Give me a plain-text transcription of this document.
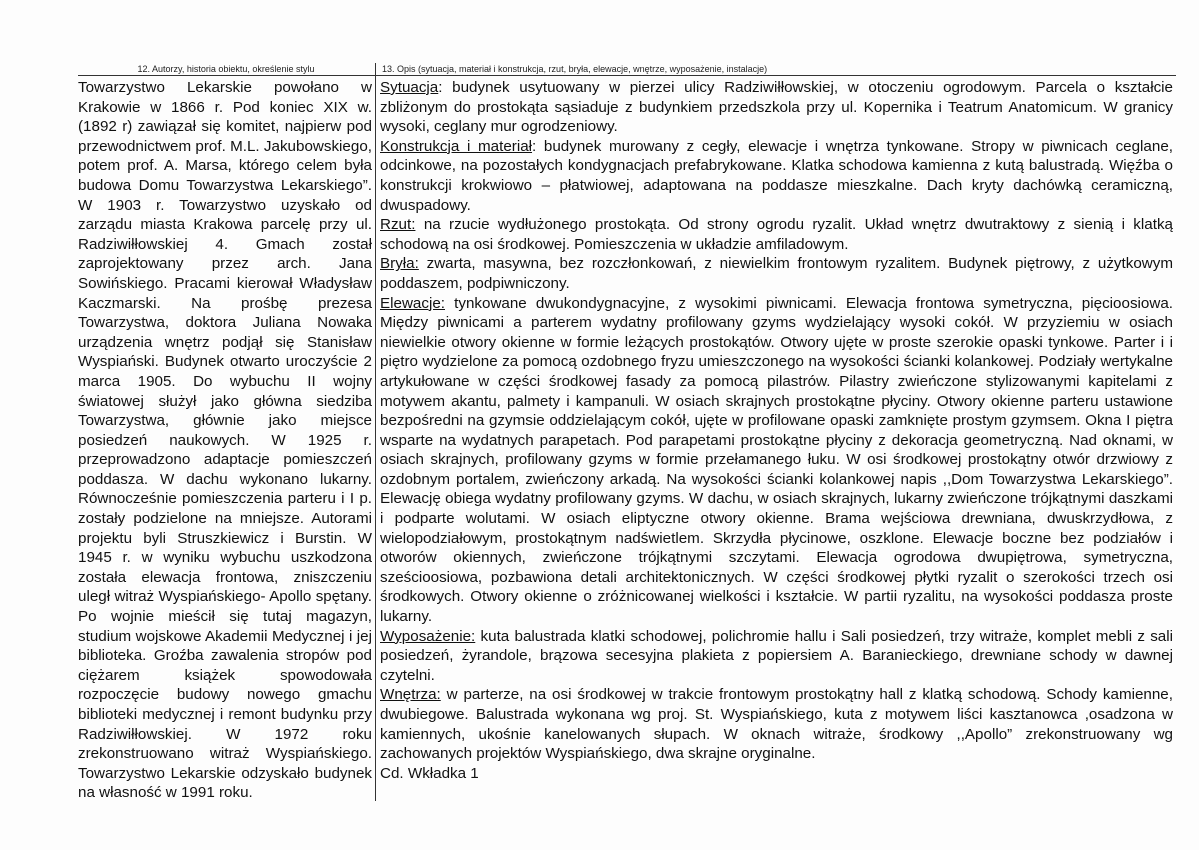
12. Autorzy, historia obiektu, określenie stylu	13. Opis (sytuacja, materiał i konstrukcja, rzut, bryła, elewacje, wnętrze, wyposażenie, instalacje)

Towarzystwo Lekarskie powołano w Krakowie w 1866 r. Pod koniec XIX w. (1892 r) zawiązał się komitet, najpierw pod przewodnictwem prof. M.L. Jakubowskiego, potem prof. A. Marsa, którego celem była budowa Domu Towarzystwa Lekarskiego”. W 1903 r. Towarzystwo uzyskało od zarządu miasta Krakowa parcelę przy ul. Radziwiłłowskiej 4. Gmach został zaprojektowany przez arch. Jana Sowińskiego. Pracami kierował Władysław Kaczmarski. Na prośbę prezesa Towarzystwa, doktora Juliana Nowaka urządzenia wnętrz podjął się Stanisław Wyspiański. Budynek otwarto uroczyście 2 marca 1905. Do wybuchu II wojny światowej służył jako główna siedziba Towarzystwa, głównie jako miejsce posiedzeń naukowych. W 1925 r. przeprowadzono adaptacje pomieszczeń poddasza. W dachu wykonano lukarny. Równocześnie pomieszczenia parteru i I p. zostały podzielone na mniejsze. Autorami projektu byli Struszkiewicz i Burstin. W 1945 r. w wyniku wybuchu uszkodzona została elewacja frontowa, zniszczeniu uległ witraż Wyspiańskiego- Apollo spętany. Po wojnie mieścił się tutaj magazyn, studium wojskowe Akademii Medycznej i jej biblioteka. Groźba zawalenia stropów pod ciężarem książek spowodowała rozpoczęcie budowy nowego gmachu biblioteki medycznej i remont budynku przy Radziwiłłowskiej. W 1972 roku zrekonstruowano witraż Wyspiańskiego. Towarzystwo Lekarskie odzyskało budynek na własność w 1991 roku.

Sytuacja: budynek usytuowany w pierzei ulicy Radziwiłłowskiej, w otoczeniu ogrodowym. Parcela o kształcie zbliżonym do prostokąta sąsiaduje z budynkiem przedszkola przy ul. Kopernika i Teatrum Anatomicum. W granicy wysoki, ceglany mur ogrodzeniowy.

Konstrukcja i materiał: budynek murowany z cegły, elewacje i wnętrza tynkowane. Stropy w piwnicach ceglane, odcinkowe, na pozostałych kondygnacjach prefabrykowane. Klatka schodowa kamienna z kutą balustradą. Więźba o konstrukcji krokwiowo – płatwiowej, adaptowana na poddasze mieszkalne. Dach kryty dachówką ceramiczną, dwuspadowy.

Rzut: na rzucie wydłużonego prostokąta. Od strony ogrodu ryzalit. Układ wnętrz dwutraktowy z sienią i klatką schodową na osi środkowej. Pomieszczenia w układzie amfiladowym.

Bryła: zwarta, masywna, bez rozczłonkowań, z niewielkim frontowym ryzalitem. Budynek piętrowy, z użytkowym poddaszem, podpiwniczony.

Elewacje: tynkowane dwukondygnacyjne, z wysokimi piwnicami. Elewacja frontowa symetryczna, pięcioosiowa. Między piwnicami a parterem wydatny profilowany gzyms wydzielający wysoki cokół. W przyziemiu w osiach niewielkie otwory okienne w formie leżących prostokątów. Otwory ujęte w proste szerokie opaski tynkowe. Parter i i piętro wydzielone za pomocą ozdobnego fryzu umieszczonego na wysokości ścianki kolankowej. Podziały wertykalne artykułowane w części środkowej fasady za pomocą pilastrów. Pilastry zwieńczone stylizowanymi kapitelami z motywem akantu, palmety i kampanuli. W osiach skrajnych prostokątne płyciny. Otwory okienne parteru ustawione bezpośredni na gzymsie oddzielającym cokół, ujęte w profilowane opaski zamknięte prostym gzymsem. Okna I piętra wsparte na wydatnych parapetach. Pod parapetami prostokątne płyciny z dekoracja geometryczną. Nad oknami, w osiach skrajnych, profilowany gzyms w formie przełamanego łuku. W osi środkowej prostokątny otwór drzwiowy z ozdobnym portalem, zwieńczony arkadą. Na wysokości ścianki kolankowej napis ,,Dom Towarzystwa Lekarskiego”. Elewację obiega wydatny profilowany gzyms. W dachu, w osiach skrajnych, lukarny zwieńczone trójkątnymi daszkami i podparte wolutami. W osiach eliptyczne otwory okienne. Brama wejściowa drewniana, dwuskrzydłowa, z wielopodziałowym, prostokątnym nadświetlem. Skrzydła płycinowe, oszklone. Elewacje boczne bez podziałów i otworów okiennych, zwieńczone trójkątnymi szczytami. Elewacja ogrodowa dwupiętrowa, symetryczna, sześcioosiowa, pozbawiona detali architektonicznych. W części środkowej płytki ryzalit o szerokości trzech osi środkowych. Otwory okienne o zróżnicowanej wielkości i kształcie. W partii ryzalitu, na wysokości poddasza proste lukarny.

Wyposażenie: kuta balustrada klatki schodowej, polichromie hallu i Sali posiedzeń, trzy witraże, komplet mebli z sali posiedzeń, żyrandole, brązowa secesyjna plakieta z popiersiem A. Baranieckiego, drewniane schody w dawnej czytelni.

Wnętrza: w parterze, na osi środkowej w trakcie frontowym prostokątny hall z klatką schodową. Schody kamienne, dwubiegowe. Balustrada wykonana wg proj. St. Wyspiańskiego, kuta z motywem liści kasztanowca ,osadzona w kamiennych, ukośnie kanelowanych słupach. W oknach witraże, środkowy ,,Apollo” zrekonstruowany wg zachowanych projektów Wyspiańskiego, dwa skrajne oryginalne.

Cd. Wkładka 1
